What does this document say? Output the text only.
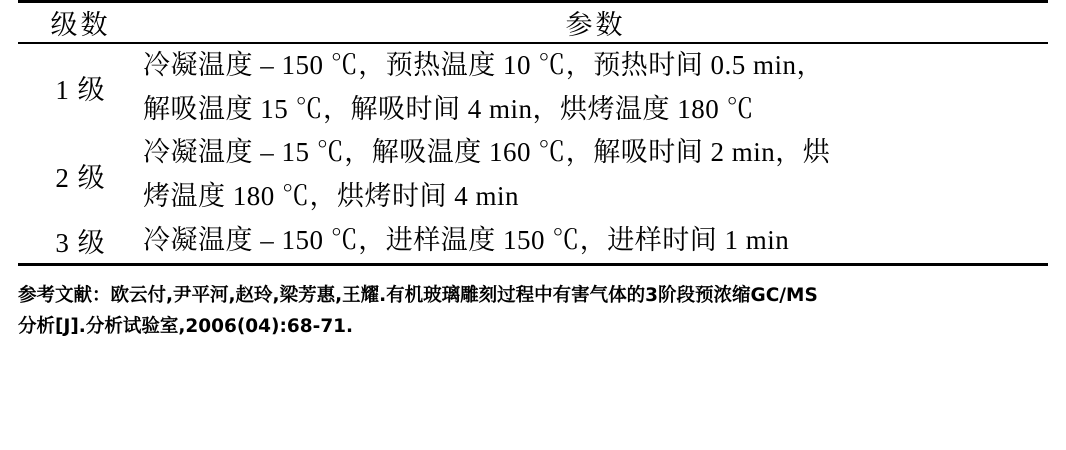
级数	参数
1 级	冷凝温度 – 150 ℃，预热温度 10 ℃，预热时间 0.5 min，
解吸温度 15 ℃，解吸时间 4 min，烘烤温度 180 ℃

2 级	冷凝温度 – 15 ℃，解吸温度 160 ℃，解吸时间 2 min，烘
烤温度 180 ℃，烘烤时间 4 min

3 级	冷凝温度 – 150 ℃，进样温度 150 ℃，进样时间 1 min
参考文献：欧云付,尹平河,赵玲,梁芳惠,王耀.有机玻璃雕刻过程中有害气体的3阶段预浓缩GC/MS
分析[J].分析试验室,2006(04):68-71.
